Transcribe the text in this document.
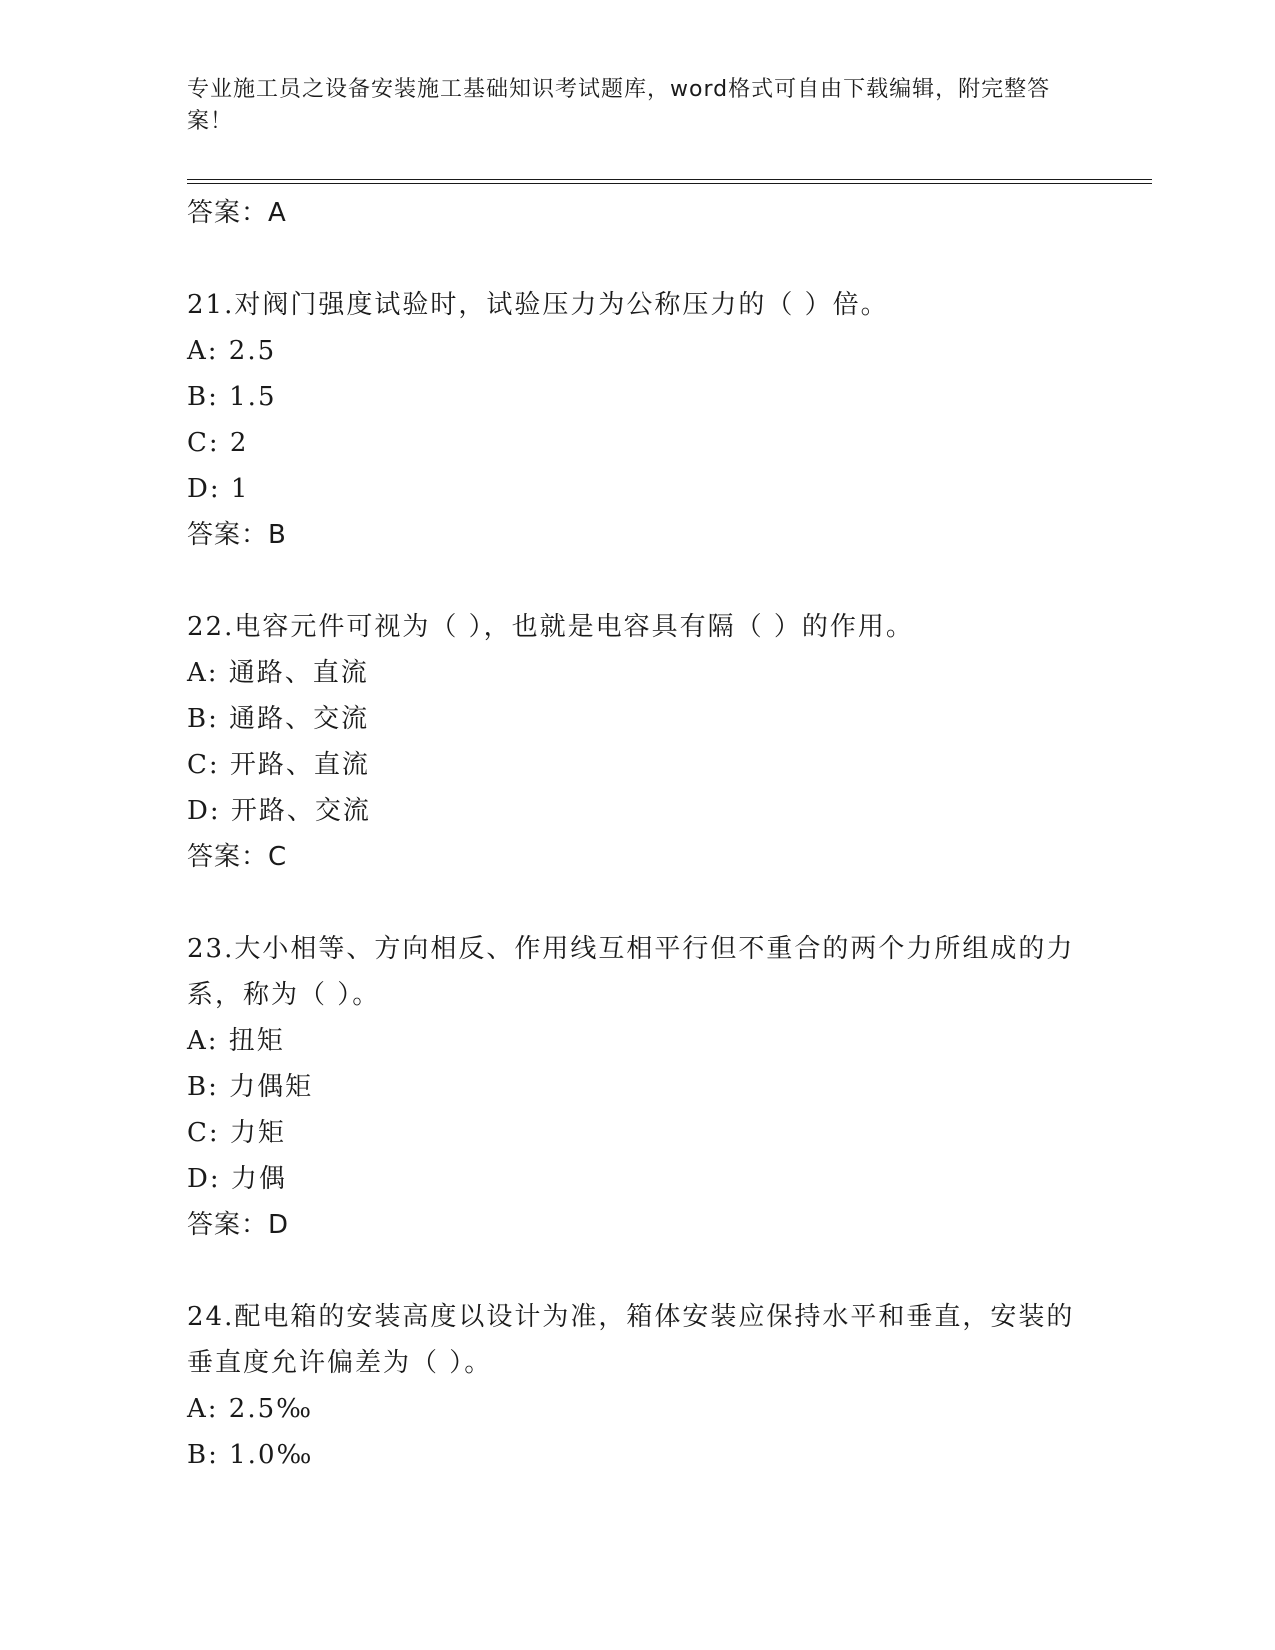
专业施工员之设备安装施工基础知识考试题库，word格式可自由下载编辑，附完整答案！

答案：A

21.对阀门强度试验时，试验压力为公称压力的（ ）倍。

A: 2.5

B: 1.5

C: 2

D: 1

答案：B

22.电容元件可视为（ ），也就是电容具有隔（ ）的作用。

A: 通路、直流

B: 通路、交流

C: 开路、直流

D: 开路、交流

答案：C

23.大小相等、方向相反、作用线互相平行但不重合的两个力所组成的力系，称为（ ）。

A: 扭矩

B: 力偶矩

C: 力矩

D: 力偶

答案：D

24.配电箱的安装高度以设计为准，箱体安装应保持水平和垂直，安装的垂直度允许偏差为（ ）。

A: 2.5‰

B: 1.0‰
